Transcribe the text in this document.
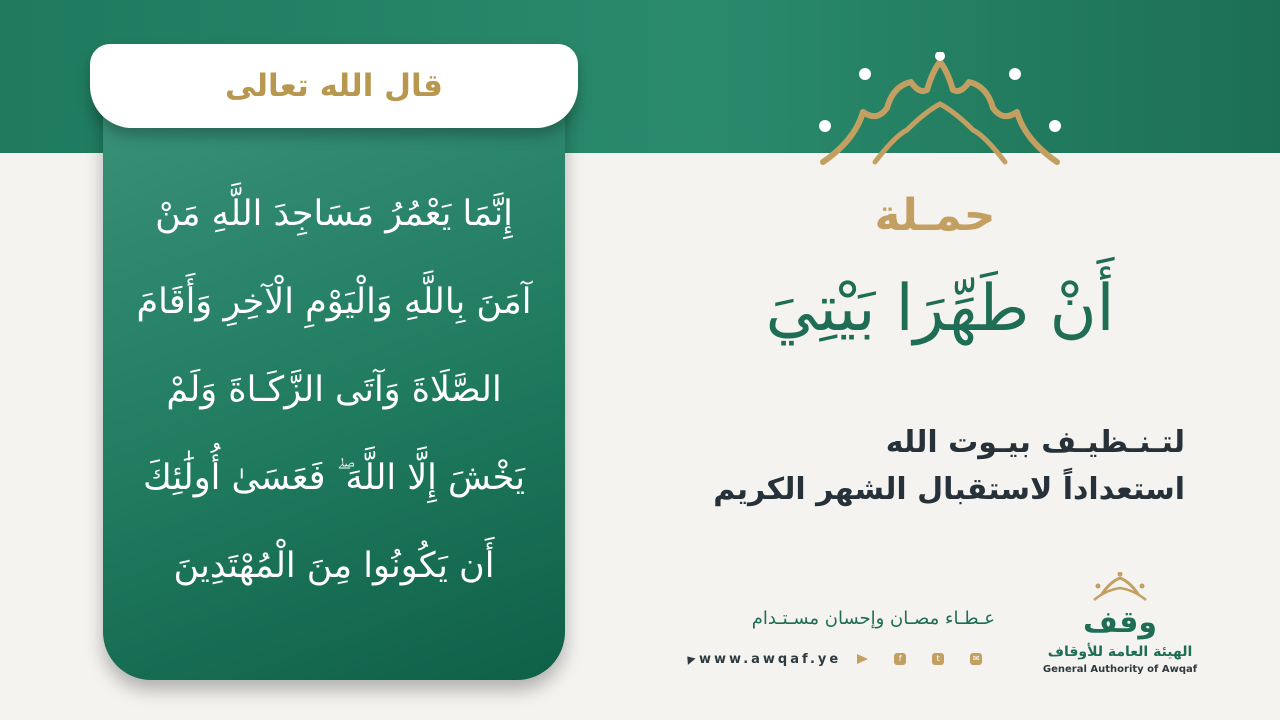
قال الله تعالى
إِنَّمَا يَعْمُرُ مَسَاجِدَ اللَّهِ مَنْ
آمَنَ بِاللَّهِ وَالْيَوْمِ الْآخِرِ وَأَقَامَ
الصَّلَاةَ وَآتَى الزَّكَـاةَ وَلَمْ
يَخْشَ إِلَّا اللَّهَ ۖ فَعَسَىٰ أُولَٰئِكَ
أَن يَكُونُوا مِنَ الْمُهْتَدِينَ
حمـلة
أَنْ طَهِّرَا بَيْتِيَ
لتـنـظيـف بيـوت الله
استعداداً لاستقبال الشهر الكريم
عـطـاء مصـان وإحسان مسـتـدام
www.awqaf.ye	f	t	✉
وقف
الهيئة العامة للأوقاف
General Authority of Awqaf
